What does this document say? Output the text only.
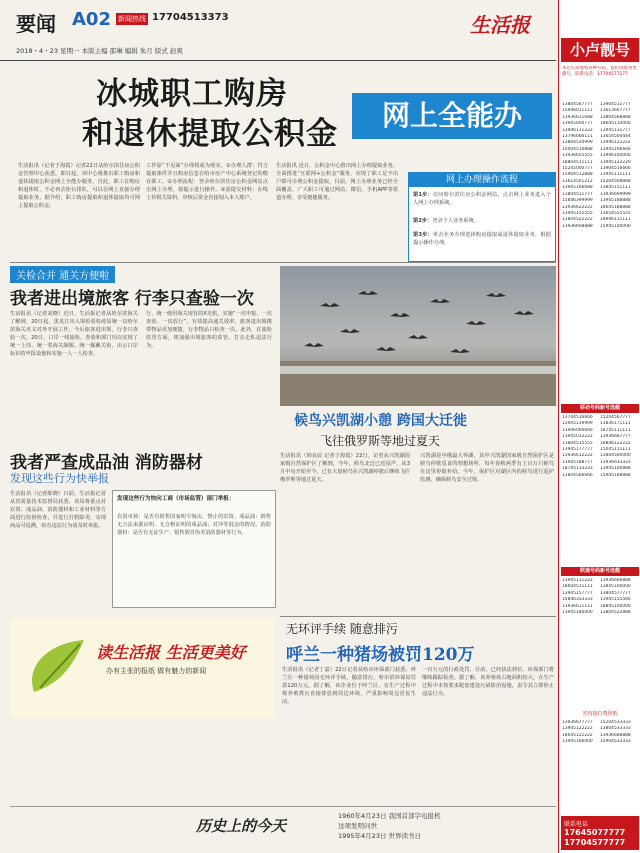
要闻 A02 新闻热线 17704513373	生活报
2018・4・23 星期一 本版主编 邵琳 编辑 朱月 版式 赵爽
冰城职工购房
和退休提取公积金
网上全能办
生活报讯（记者于海霞）记者22日从哈尔滨住房公积金管理中心获悉，即日起，该中心将推出职工购房和退休提取公积金网上全能办服务。自此，职工在购房和退休时，不必再去柜台排队，可以在网上直接办理提取业务。据介绍，职工购房提取和退休提取均可网上提取公积金。
工作原“不见面”办理将成为现实。①办理人群：符合提取条件并且购房信息在哈市房产中心系统登记的缴存职工。②办理流程：登录哈尔滨住房公积金网站点击网上办理，按提示进行操作。③需提交材料：在线上传相关资料，审核后资金直接划入本人账户。
生活报讯 近日，公积金中心推出网上办理提取业务，全面推进“互联网+公积金”服务，实现了职工足不出户即可办理公积金提取。目前，网上办理业务已经全面覆盖，广大职工可通过网站、微信、手机APP等渠道办理，享受便捷服务。
网上办理操作流程
第1步：访问哈尔滨住房公积金网站，点击网上业务进入个人网上办理系统。
第2步：登录个人业务系统。
第3步：单击业务办理选择购房提取或退休提取业务，根据提示操作办理。
关检合并 通关方便啦
我者进出境旅客 行李只查验一次
生活报讯（记者刘晓）近日，生活报记者从哈尔滨海关了解到，20日起，黑龙江出入境检验检疫局统一以哈尔滨海关名义对外开展工作，今后旅客进出境，行李只查验一次。20日，口岸一线旅检、查验和部门均以实现了统一上岗、统一着海关制服、统一佩戴关衔，出示口岸标识的申报设施和实施一人一人检查。
行，统一使用海关现有的X光机，实施“一次申报、一次查验、一次放行”，有效提高通关效率，旅客进出境携带物品更加便捷，行李物品只检查一次。此外，在旅检监管方面，将加强出境旅客的监管，打击走私违法行为。
候鸟兴凯湖小憩 跨国大迁徙
飞往俄罗斯等地过夏天
生活报讯（韩良辰 记者于海霞）22日，记者从兴凯湖国家级自然保护区了解到，今年，候鸟北迁已近尾声，从3月中旬开始至今，已有大量候鸟在兴凯湖停歇后继续飞往俄罗斯等地过夏天。
兴凯湖是中俄最大界湖，其中兴凯湖国家级自然保护区是候鸟停歇觅食的理想场所，每年春秋两季有上百万只候鸟在这里停歇补给。今年，保护区对湖区内的候鸟进行巡护监测，确保候鸟安全过境。
我者严查成品油 消防器材
发现这些行为快举报
生活报讯（记者陈晓）日前，生活报记者从省质量技术监督局获悉，该局将重点对农资、成品油、消防器材和工业材料等方面进行监督检查，并进行打假除劣，实现商品可追溯，如有违法行为请及时举报。
发现这些行为快向工商（市场监管）部门举报：
农资市场：是否有销售国家明令淘汰、禁止的农资。成品油：销售无合法来源证明、无合格证明的成品油；对冲等混杂的情况。消防器材：是否有无证生产、销售假冒伪劣消防器材等行为。
读生活报 生活更美好
办有主张的报纸 做有魅力的新闻
无环评手续 随意排污
呼兰一种猪场被罚120万
生活报讯（记者丁嘉）22日记者从哈市环保部门获悉，呼兰区一种猪场因无环评手续，随意排污，哈尔滨环保局罚款120万元。据了解，该企业位于呼兰区，在生产过程中将养殖粪污直接排放到周边环境，严重影响周边居民生活。
一百万元的行政处罚，目前，已经执法到位，环保部门将继续跟踪检查。据了解，该养殖场占地面积较大，在生产过程中未按要求配套建设污染防治设施，责令其立即停止违法行为。
历史上的今天
1960年4月23日 我国首部字电报机
这项发明问世
1995年4月23日 世界读书日
小卢靓号
本店长期收购各种号码，低价回收各类靓号，联系电话：17704577277
13804567777 13904511777
15946011111 13613607777
13936611688 13804568888
13945000777 18645110000
13946111222 13945131777
13796666111 13654504444
13804520999 13946122222
15004510888 13945166666
13936655555 13946100000
18804511111 13945122220
15245000777 13904516666
15904512888 13945111111
13614501212 15204508888
13945166688 13845151111
13804511777 13936609999
15846399999 13945188888
13936622222 18645188888
13945155555 13654555555
13804522222 18946111111
13936608888 15945100000
移动号码新号选靓
13704516666 15204567777
13945139999 13836171111
13946066666 18745111111
13945012222 13936687777
13804515555 18846122222
13945177777 15045111111
13936612222 13804500000
13945188777 13936633333
18745133333 13945100888
13804566666 15945188888
联通号码新号选靓
13945111222 13936666888
18604511111 13845100000
13945157777 13804577777
15846333333 13945155566
13936611111 18845100000
13945180000 13804522888
省内接打费用低
13936677777 15204533333
13945122222 13804533333
18645122222 13936688888
13945166000 15904533333
联系电话
17645077777
17704577777
